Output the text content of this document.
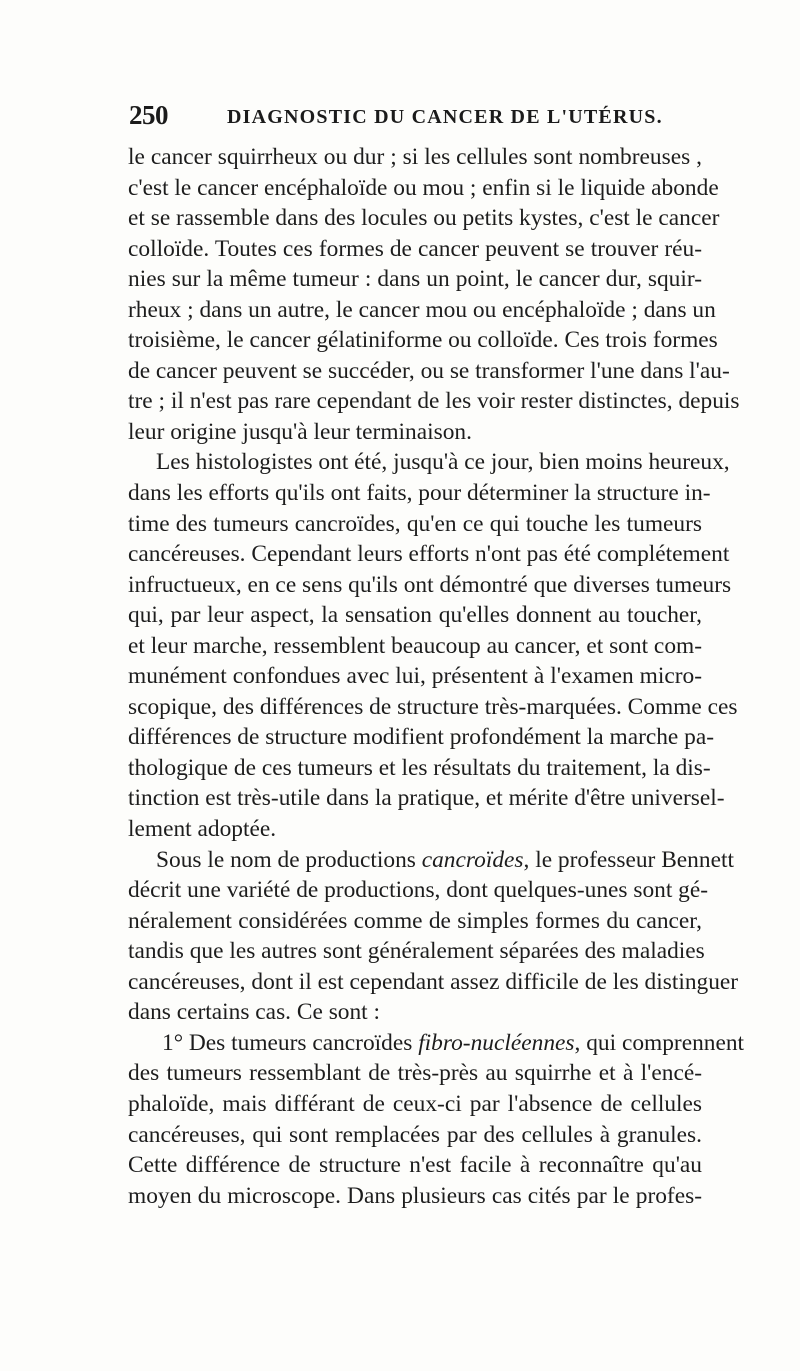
250	DIAGNOSTIC DU CANCER DE L'UTÉRUS.
le cancer squirrheux ou dur ; si les cellules sont nombreuses ,
c'est le cancer encéphaloïde ou mou ; enfin si le liquide abonde
et se rassemble dans des locules ou petits kystes, c'est le cancer
colloïde. Toutes ces formes de cancer peuvent se trouver réu-
nies sur la même tumeur : dans un point, le cancer dur, squir-
rheux ; dans un autre, le cancer mou ou encéphaloïde ; dans un
troisième, le cancer gélatiniforme ou colloïde. Ces trois formes
de cancer peuvent se succéder, ou se transformer l'une dans l'au-
tre ; il n'est pas rare cependant de les voir rester distinctes, depuis
leur origine jusqu'à leur terminaison.
Les histologistes ont été, jusqu'à ce jour, bien moins heureux,
dans les efforts qu'ils ont faits, pour déterminer la structure in-
time des tumeurs cancroïdes, qu'en ce qui touche les tumeurs
cancéreuses. Cependant leurs efforts n'ont pas été complétement
infructueux, en ce sens qu'ils ont démontré que diverses tumeurs
qui, par leur aspect, la sensation qu'elles donnent au toucher,
et leur marche, ressemblent beaucoup au cancer, et sont com-
munément confondues avec lui, présentent à l'examen micro-
scopique, des différences de structure très-marquées. Comme ces
différences de structure modifient profondément la marche pa-
thologique de ces tumeurs et les résultats du traitement, la dis-
tinction est très-utile dans la pratique, et mérite d'être universel-
lement adoptée.
Sous le nom de productions cancroïdes, le professeur Bennett
décrit une variété de productions, dont quelques-unes sont gé-
néralement considérées comme de simples formes du cancer,
tandis que les autres sont généralement séparées des maladies
cancéreuses, dont il est cependant assez difficile de les distinguer
dans certains cas. Ce sont :
1° Des tumeurs cancroïdes fibro-nucléennes, qui comprennent
des tumeurs ressemblant de très-près au squirrhe et à l'encé-
phaloïde, mais différant de ceux-ci par l'absence de cellules
cancéreuses, qui sont remplacées par des cellules à granules.
Cette différence de structure n'est facile à reconnaître qu'au
moyen du microscope. Dans plusieurs cas cités par le profes-
